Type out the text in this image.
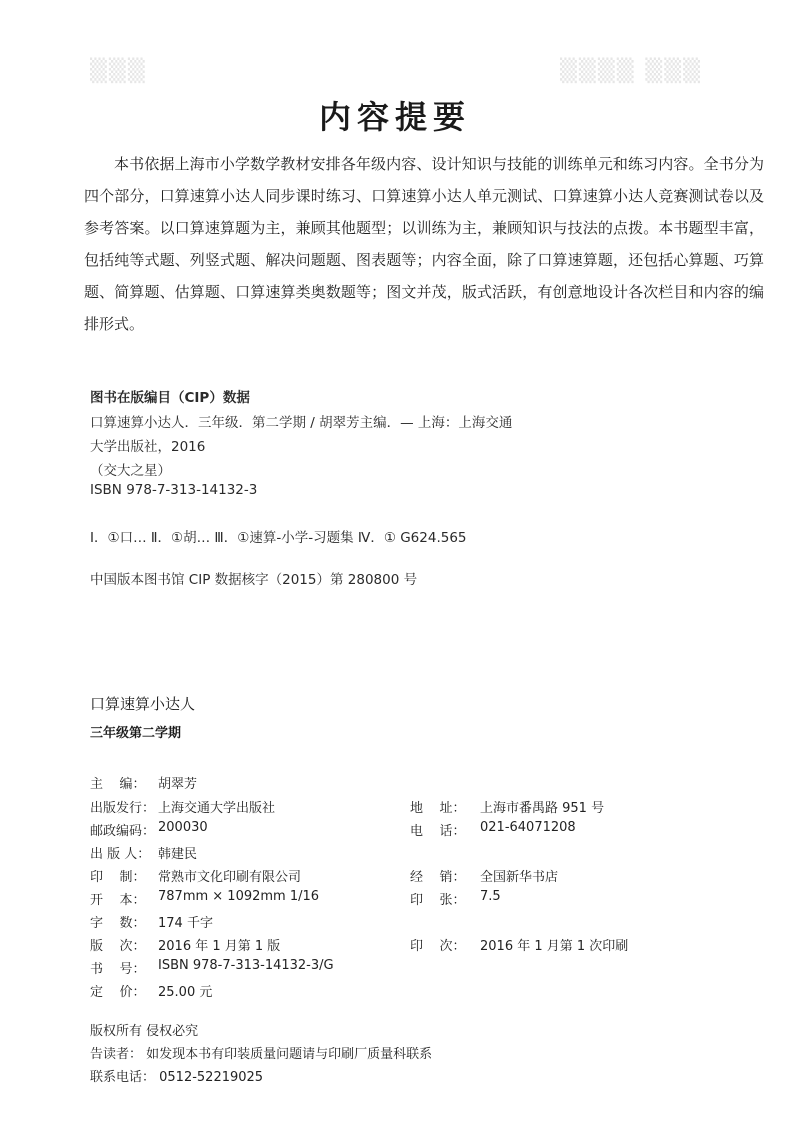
▒▒▒▒ ▒▒▒
▒▒▒
内容提要
本书依据上海市小学数学教材安排各年级内容、设计知识与技能的训练单元和练习内容。全书分为四个部分，口算速算小达人同步课时练习、口算速算小达人单元测试、口算速算小达人竞赛测试卷以及参考答案。以口算速算题为主，兼顾其他题型；以训练为主，兼顾知识与技法的点拨。本书题型丰富，包括纯等式题、列竖式题、解决问题题、图表题等；内容全面，除了口算速算题，还包括心算题、巧算题、简算题、估算题、口算速算类奥数题等；图文并茂，版式活跃，有创意地设计各次栏目和内容的编排形式。
图书在版编目（CIP）数据
口算速算小达人．三年级．第二学期 / 胡翠芳主编．— 上海：上海交通
大学出版社，2016
（交大之星）
ISBN 978-7-313-14132-3
Ⅰ．①口… Ⅱ．①胡… Ⅲ．①速算-小学-习题集 Ⅳ．① G624.565
中国版本图书馆 CIP 数据核字（2015）第 280800 号
口算速算小达人
三年级第二学期
主    编： 胡翠芳
出版发行： 上海交通大学出版社	地    址： 上海市番禺路 951 号
邮政编码： 200030	电    话： 021-64071208
出 版 人： 韩建民
印    制： 常熟市文化印刷有限公司	经    销： 全国新华书店
开    本： 787mm × 1092mm 1/16	印    张： 7.5
字    数： 174 千字
版    次： 2016 年 1 月第 1 版	印    次： 2016 年 1 月第 1 次印刷
书    号： ISBN 978-7-313-14132-3/G
定    价： 25.00 元
版权所有 侵权必究
告读者： 如发现本书有印装质量问题请与印刷厂质量科联系
联系电话： 0512-52219025
